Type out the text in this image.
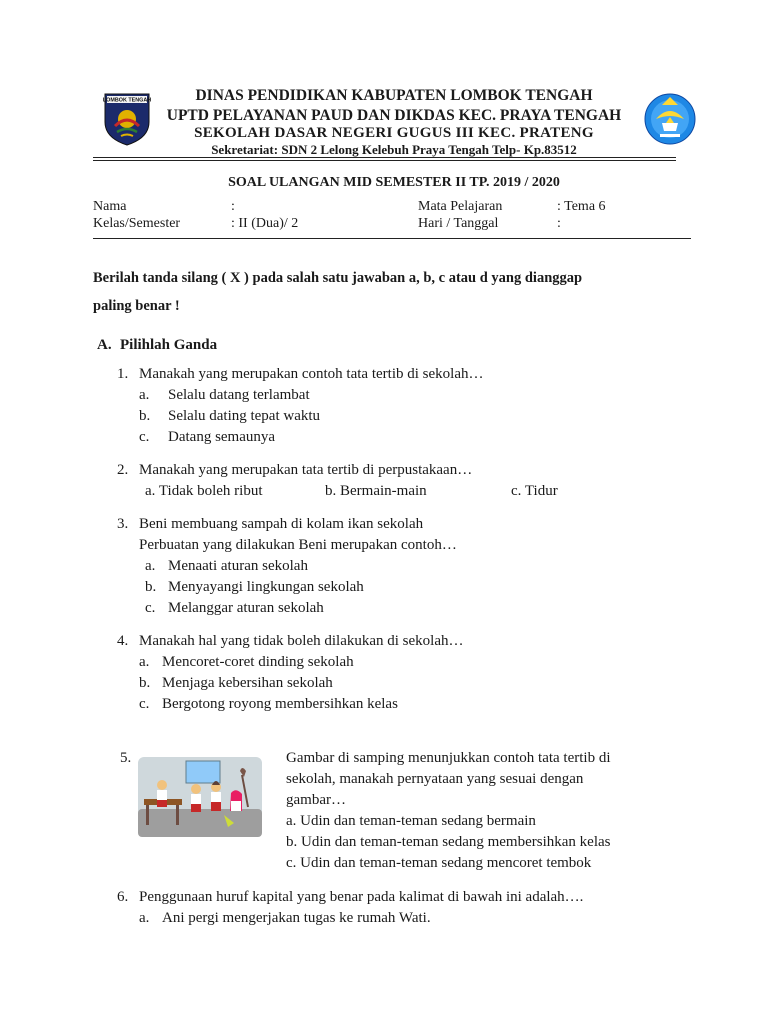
LOMBOK TENGAH	DINAS PENDIDIKAN KABUPATEN LOMBOK TENGAH
UPTD PELAYANAN PAUD DAN DIKDAS KEC. PRAYA TENGAH
SEKOLAH DASAR NEGERI GUGUS III KEC. PRATENG
Sekretariat: SDN 2 Lelong Kelebuh Praya Tengah Telp- Kp.83512
SOAL ULANGAN MID SEMESTER II TP. 2019 / 2020
Nama	:	Mata Pelajaran	: Tema 6
Kelas/Semester	: II (Dua)/ 2	Hari / Tanggal	:
Berilah tanda silang ( X ) pada salah satu jawaban a, b, c atau d yang dianggap
paling benar !
A. Pilihlah Ganda
1. Manakah yang merupakan contoh tata tertib di sekolah…
a. Selalu datang terlambat
b. Selalu dating tepat waktu
c. Datang semaunya
2. Manakah yang merupakan tata tertib di perpustakaan…
a. Tidak boleh ribut	b. Bermain-main	c. Tidur
3. Beni membuang sampah di kolam ikan sekolah
Perbuatan yang dilakukan Beni merupakan contoh…
a. Menaati aturan sekolah
b. Menyayangi lingkungan sekolah
c. Melanggar aturan sekolah
4. Manakah hal yang tidak boleh dilakukan di sekolah…
a. Mencoret-coret dinding sekolah
b. Menjaga kebersihan sekolah
c. Bergotong royong membersihkan kelas
5.	Gambar di samping menunjukkan contoh tata tertib di
sekolah, manakah pernyataan yang sesuai dengan
gambar…
a. Udin dan teman-teman sedang bermain
b. Udin dan teman-teman sedang membersihkan kelas
c. Udin dan teman-teman sedang mencoret tembok
6. Penggunaan huruf kapital yang benar pada kalimat di bawah ini adalah….
a. Ani pergi mengerjakan tugas ke rumah Wati.
